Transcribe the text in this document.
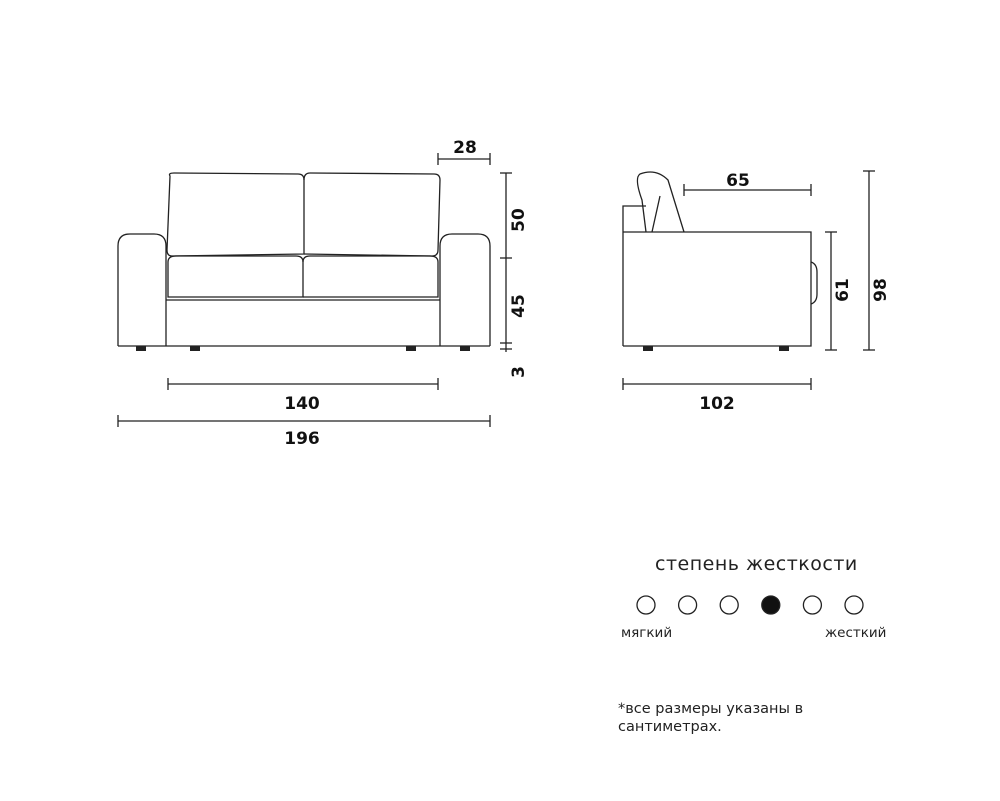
28
50
45
3
140
196
65
61 98
102
степень жесткости
мягкий	жесткий
*все размеры указаны в сантиметрах.
